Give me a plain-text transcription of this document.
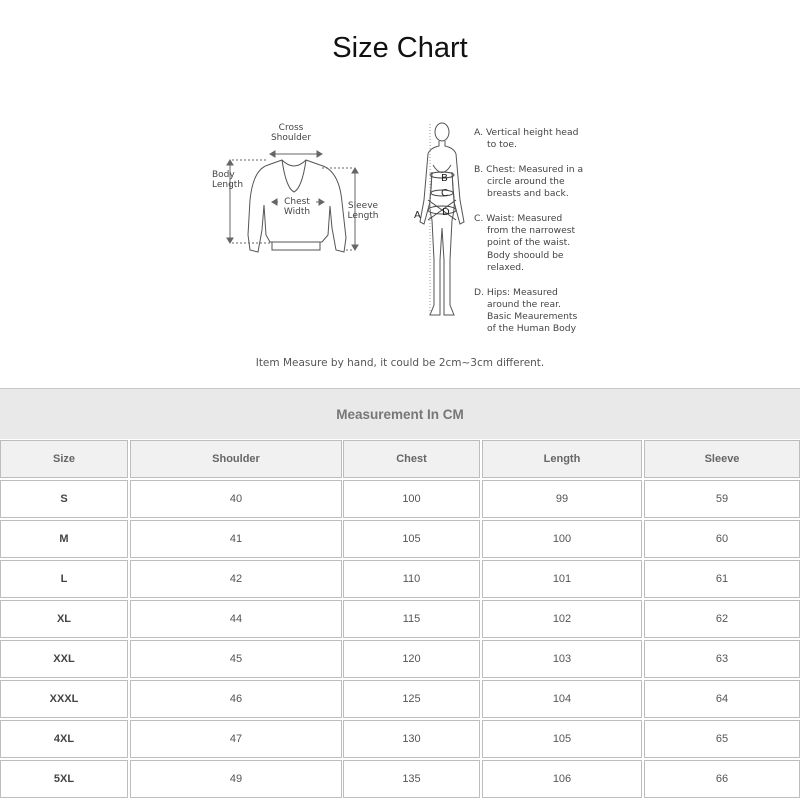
Size Chart
Cross
Shoulder
Body
Length
Chest
Width
Sleeve
Length	A
B
C
D
A. Vertical height head
to toe.
B. Chest: Measured in a
circle around the
breasts and back.
C. Waist: Measured
from the narrowest
point of the waist.
Body shoould be
relaxed.
D. Hips: Measured
around the rear.
Basic Meaurements
of the Human Body
Item Measure by hand, it could be 2cm~3cm different.
Measurement In CM
Size	Shoulder	Chest	Length	Sleeve
S	40	100	99	59
M	41	105	100	60
L	42	110	101	61
XL	44	115	102	62
XXL	45	120	103	63
XXXL	46	125	104	64
4XL	47	130	105	65
5XL	49	135	106	66
